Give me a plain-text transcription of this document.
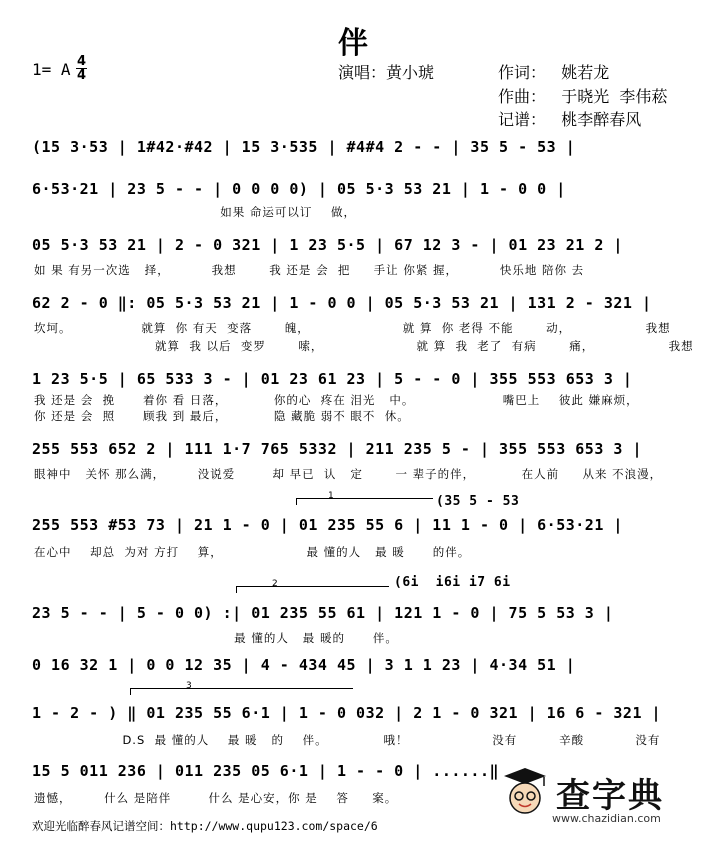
伴
1= A 4
4	演唱：黄小琥	作词：   姚若龙
作曲：   于晓光  李伟菘
记谱：   桃李醉春风
(15 3·53 | 1#42·#42 | 15 3·535 | #4#4 2 - - | 35 5 - 53 |
6·53·21 | 23 5 - - | 0 0 0 0) | 05 5·3 53 21 | 1 - 0 0 |
如果 命运可以订    做，
05 5·3 53 21 | 2 - 0 321 | 1 23 5·5 | 67 12 3 - | 01 23 21 2 |
如 果 有另一次选   择，         我想       我 还是 会  把     手让 你紧 握，         快乐地 陪你 去
62 2 - 0 ‖: 05 5·3 53 21 | 1 - 0 0 | 05 5·3 53 21 | 131 2 - 321 |
坎坷。               就算  你 有天  变落       魄，                    就 算  你 老得 不能       动，                我想
就算  我 以后  变罗       嗦，                    就 算  我  老了  有病       痛，                我想
1 23 5·5 | 65 533 3 - | 01 23 61 23 | 5 - - 0 | 355 553 653 3 |
我 还是 会  挽      着你 看 日落，          你的心  疼在 泪光   中。                   嘴巴上    彼此 嫌麻烦，
你 还是 会  照      顾我 到 最后，          隐 藏脆 弱不 眼不  休。
255 553 652 2 | 111 1·7 765 5332 | 211 235 5 - | 355 553 653 3 |
眼神中   关怀 那么满，       没说爱        却 早已  认   定       一 辈子的伴，          在人前     从来 不浪漫，
1	(35 5 - 53
255 553 #53 73 | 21 1 - 0 | 01 235 55 6 | 11 1 - 0 | 6·53·21 |
在心中    却总  为对 方打    算，                  最 懂的人   最 暖      的伴。
2	(6i  i6i i7 6i
23 5 - - | 5 - 0 0) :| 01 235 55 61 | 121 1 - 0 | 75 5 53 3 |
最 懂的人   最 暖的      伴。
0 16 32 1 | 0 0 12 35 | 4 - 434 45 | 3 1 1 23 | 4·34 51 |
3
1 - 2 - ) ‖ 01 235 55 6·1 | 1 - 0 032 | 2 1 - 0 321 | 16 6 - 321 |
D.S  最 懂的人    最 暖   的    伴。            哦！                  没有         辛酸           没有
15 5 011 236 | 011 235 05 6·1 | 1 - - 0 | ......‖
遗憾，       什么 是陪伴        什么 是心安，你 是    答     案。
欢迎光临醉春风记谱空间：http://www.qupu123.com/space/6
查字典
www.chazidian.com
